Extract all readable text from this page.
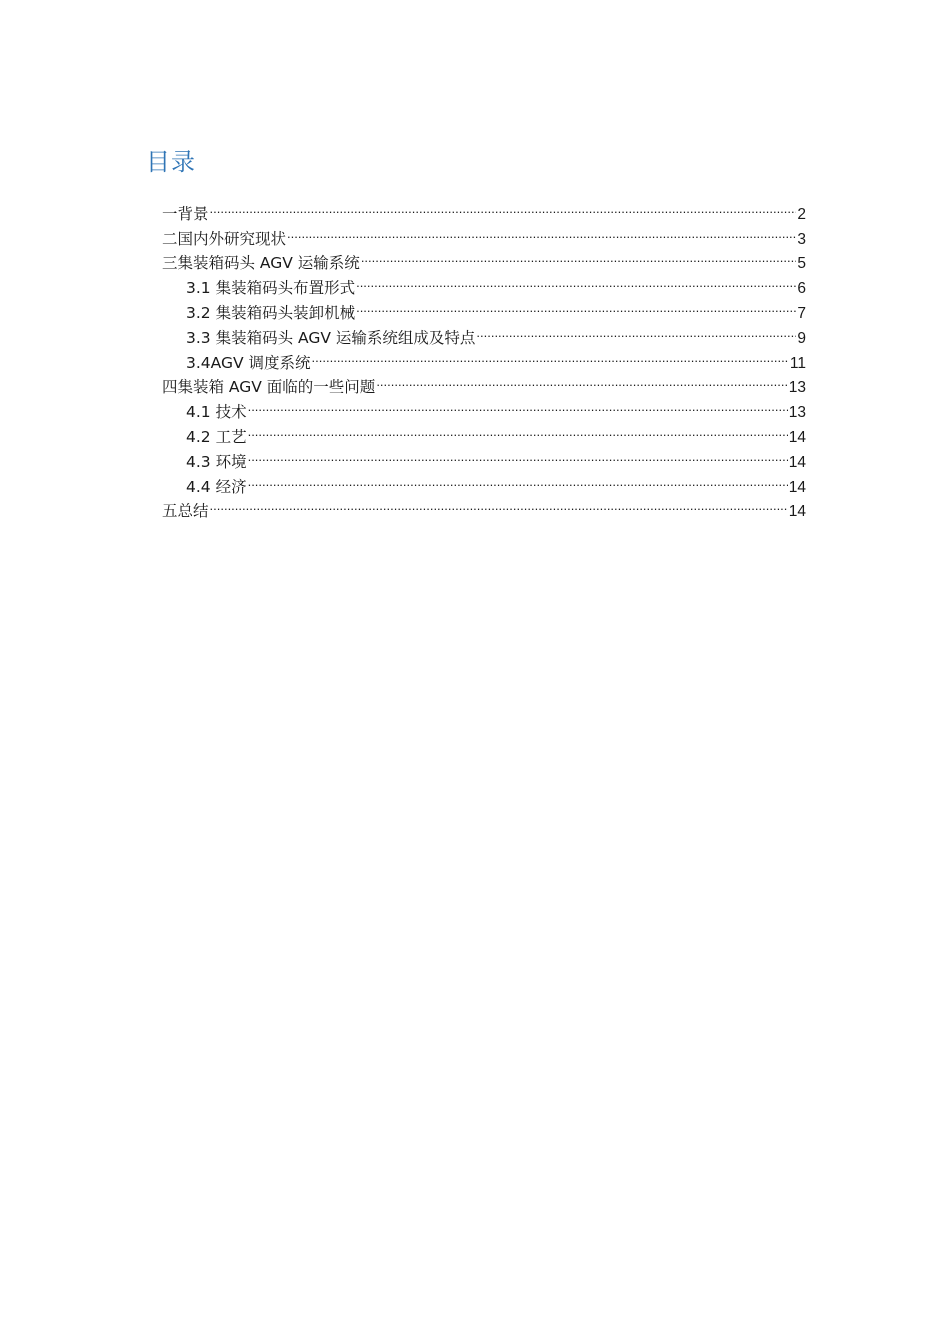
目录
一背景 .....	2
二国内外研究现状 .....	3
三集装箱码头 AGV 运输系统 .....	5
3.1 集装箱码头布置形式 .....	6
3.2 集装箱码头装卸机械 .....	7
3.3 集装箱码头 AGV 运输系统组成及特点 .....	9
3.4AGV 调度系统 .....	11
四集装箱 AGV 面临的一些问题 .....	13
4.1 技术 .....	13
4.2 工艺 .....	14
4.3 环境 .....	14
4.4 经济 .....	14
五总结 .....	14
